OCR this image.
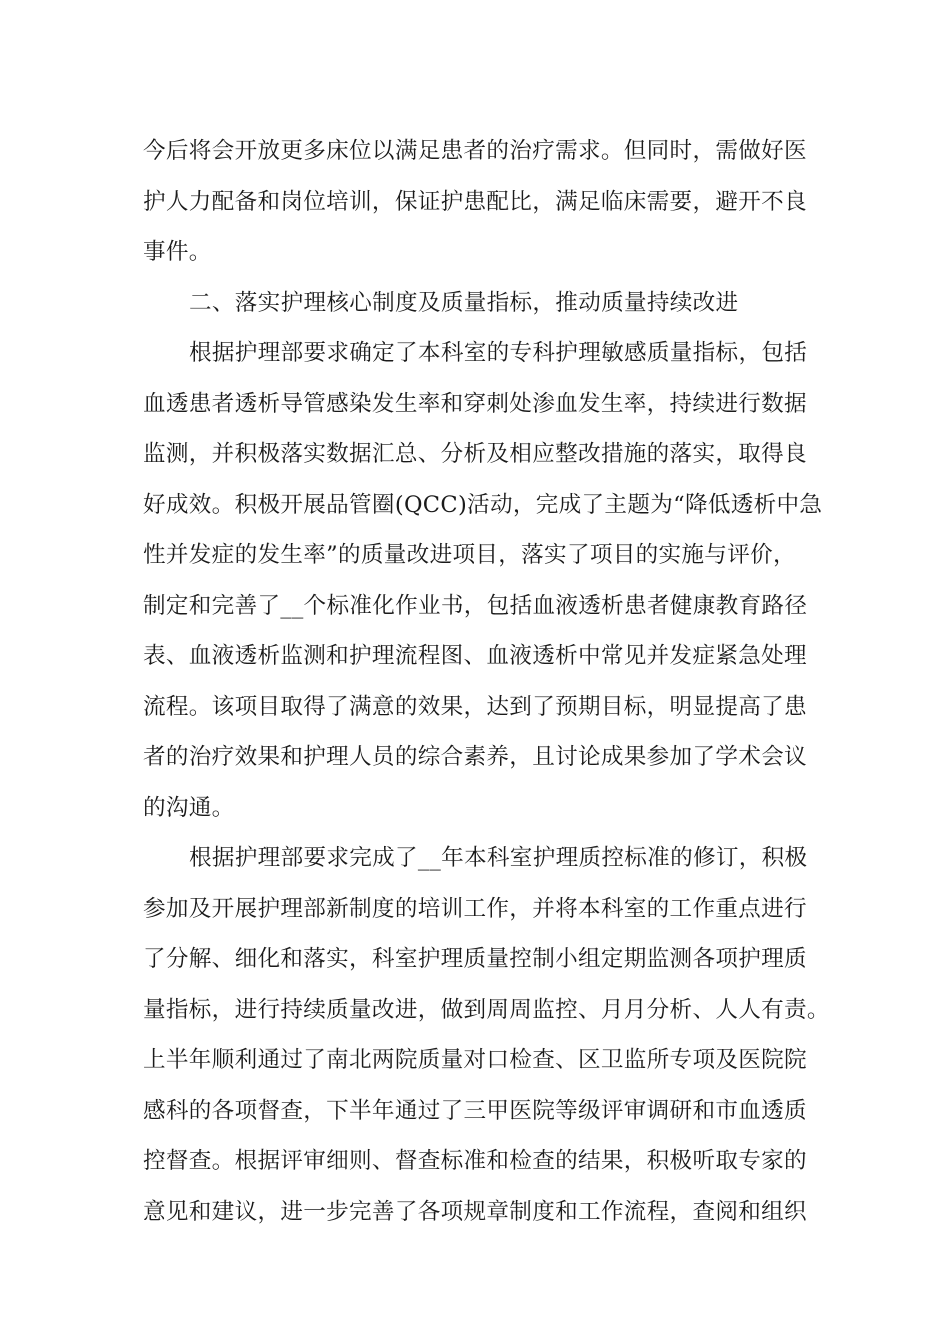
今后将会开放更多床位以满足患者的治疗需求。但同时，需做好医
护人力配备和岗位培训，保证护患配比，满足临床需要，避开不良
事件。
二、落实护理核心制度及质量指标，推动质量持续改进
根据护理部要求确定了本科室的专科护理敏感质量指标，包括
血透患者透析导管感染发生率和穿刺处渗血发生率，持续进行数据
监测，并积极落实数据汇总、分析及相应整改措施的落实，取得良
好成效。积极开展品管圈(QCC)活动，完成了主题为“降低透析中急
性并发症的发生率”的质量改进项目，落实了项目的实施与评价，
制定和完善了__个标准化作业书，包括血液透析患者健康教育路径
表、血液透析监测和护理流程图、血液透析中常见并发症紧急处理
流程。该项目取得了满意的效果，达到了预期目标，明显提高了患
者的治疗效果和护理人员的综合素养，且讨论成果参加了学术会议
的沟通。
根据护理部要求完成了__年本科室护理质控标准的修订，积极
参加及开展护理部新制度的培训工作，并将本科室的工作重点进行
了分解、细化和落实，科室护理质量控制小组定期监测各项护理质
量指标，进行持续质量改进，做到周周监控、月月分析、人人有责。
上半年顺利通过了南北两院质量对口检查、区卫监所专项及医院院
感科的各项督查，下半年通过了三甲医院等级评审调研和市血透质
控督查。根据评审细则、督查标准和检查的结果，积极听取专家的
意见和建议，进一步完善了各项规章制度和工作流程，查阅和组织
